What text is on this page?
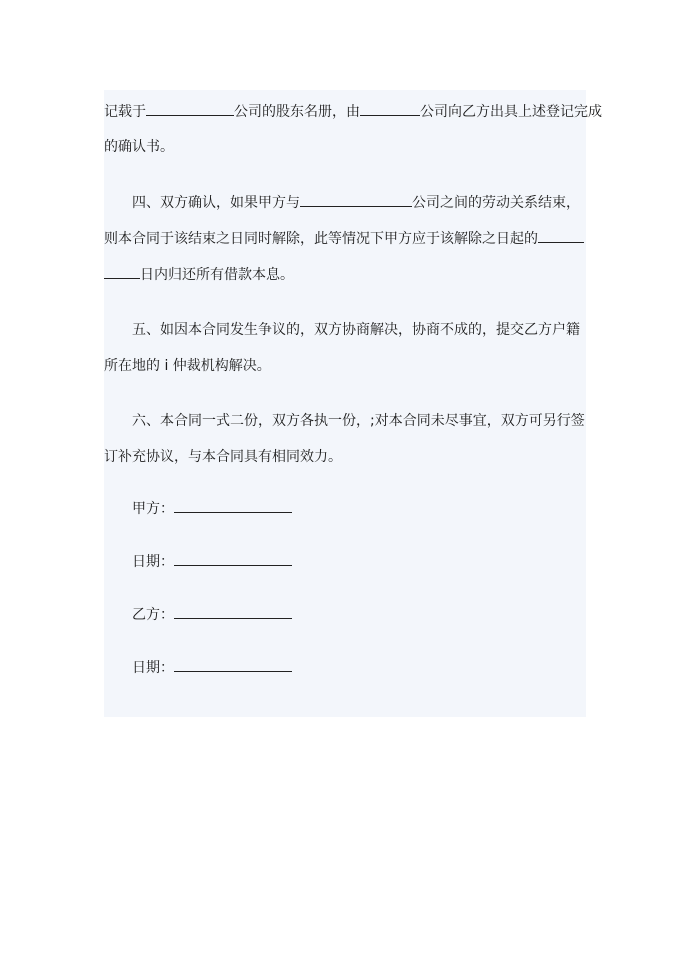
记载于	公司的股东名册，由	公司向乙方出具上述登记完成
的确认书。
四、双方确认，如果甲方与	公司之间的劳动关系结束，
则本合同于该结束之日同时解除，此等情况下甲方应于该解除之日起的
日内归还所有借款本息。
五、如因本合同发生争议的，双方协商解决，协商不成的，提交乙方户籍
所在地的 i 仲裁机构解决。
六、本合同一式二份，双方各执一份，;对本合同未尽事宜，双方可另行签
订补充协议，与本合同具有相同效力。
甲方：
日期：
乙方：
日期：
